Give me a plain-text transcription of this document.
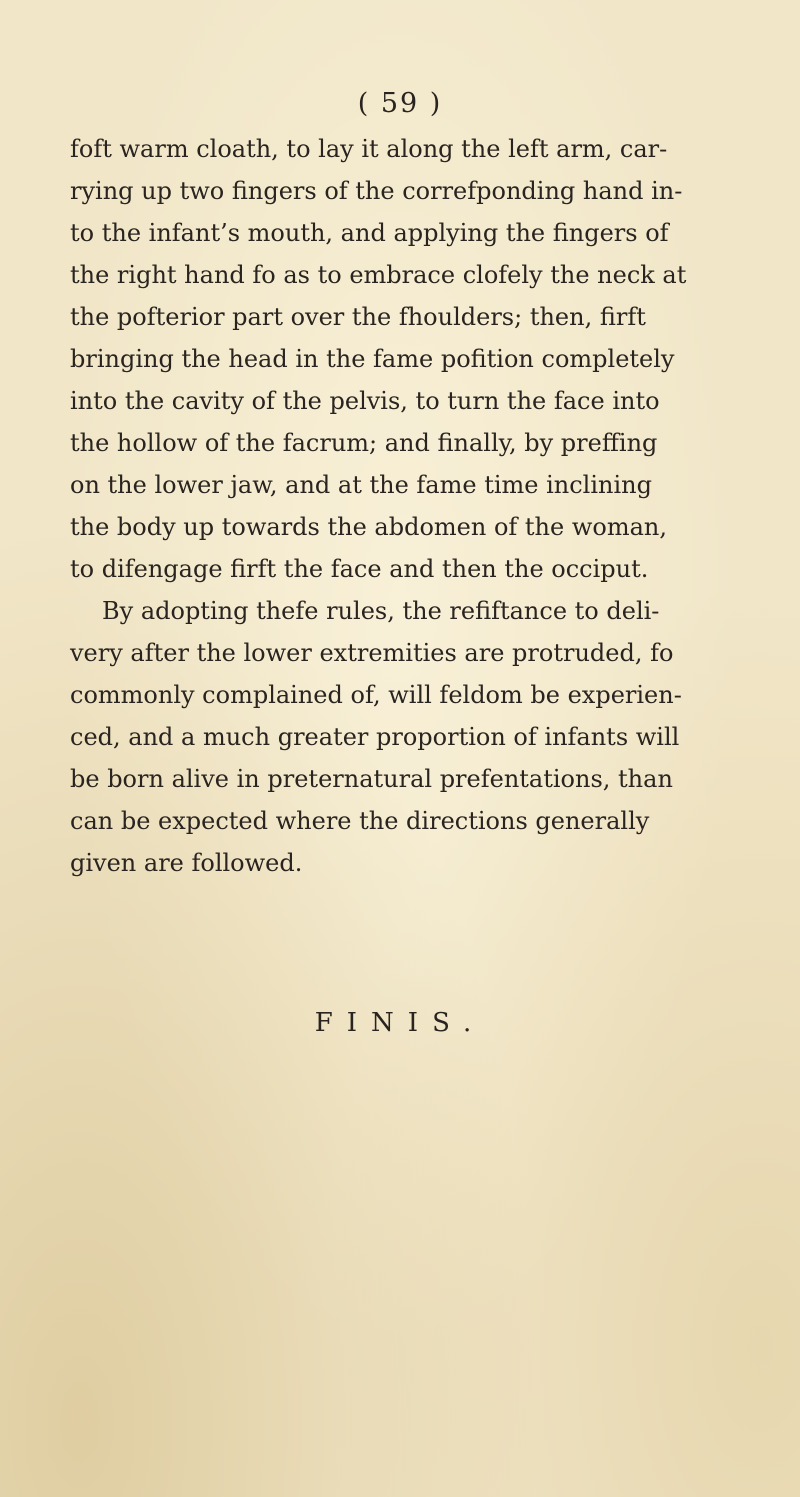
( 59 )
foft warm cloath, to lay it along the left arm, car-
rying up two fingers of the correfponding hand in-
to the infant’s mouth, and applying the fingers of
the right hand fo as to embrace clofely the neck at
the pofterior part over the fhoulders; then, firft
bringing the head in the fame pofition completely
into the cavity of the pelvis, to turn the face into
the hollow of the facrum; and finally, by preffing
on the lower jaw, and at the fame time inclining
the body up towards the abdomen of the woman,
to difengage firft the face and then the occiput.
By adopting thefe rules, the refiftance to deli-
very after the lower extremities are protruded, fo
commonly complained of, will feldom be experien-
ced, and a much greater proportion of infants will
be born alive in preternatural prefentations, than
can be expected where the directions generally
given are followed.
FINIS.
